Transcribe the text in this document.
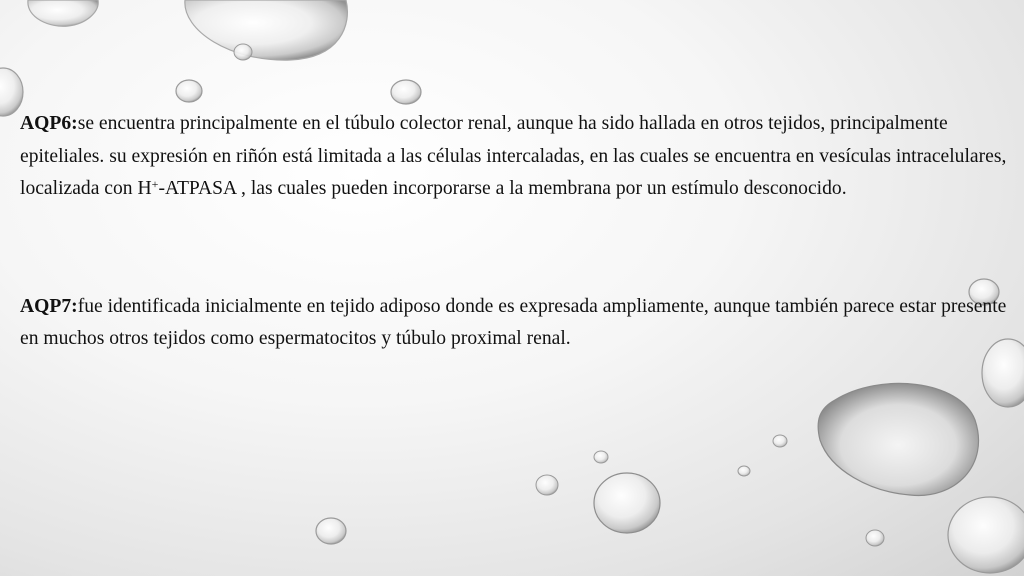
AQP6:se encuentra principalmente en el túbulo colector renal, aunque ha sido hallada en otros tejidos, principalmente epiteliales. su expresión en riñón está limitada a las células intercaladas, en las cuales se encuentra en vesículas intracelulares, localizada con H+-ATPASA , las cuales pueden incorporarse a la membrana por un estímulo desconocido.

AQP7:fue identificada inicialmente en tejido adiposo donde es expresada ampliamente, aunque también parece estar presente en muchos otros tejidos como espermatocitos y túbulo proximal renal.
